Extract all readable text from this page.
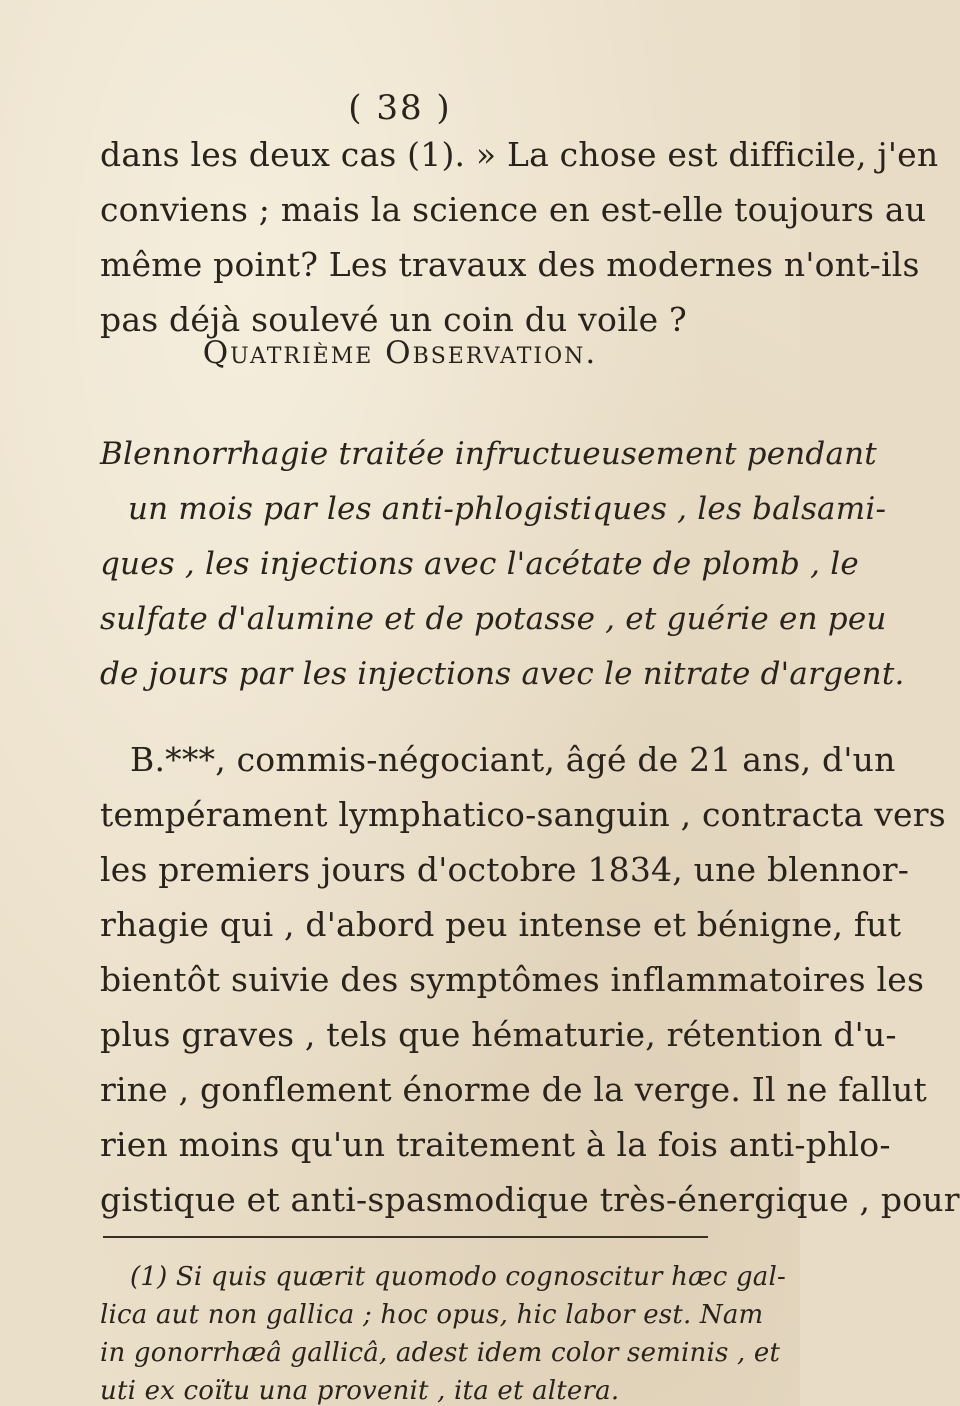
( 38 )
dans les deux cas (1). » La chose est difficile, j'en
conviens ; mais la science en est-elle toujours au
même point? Les travaux des modernes n'ont-ils
pas déjà soulevé un coin du voile ?
Quatrième Observation.
Blennorrhagie traitée infructueusement pendant
un mois par les anti-phlogistiques , les balsami-
ques , les injections avec l'acétate de plomb , le
sulfate d'alumine et de potasse , et guérie en peu
de jours par les injections avec le nitrate d'argent.
B.***, commis-négociant, âgé de 21 ans, d'un
tempérament lymphatico-sanguin , contracta vers
les premiers jours d'octobre 1834, une blennor-
rhagie qui , d'abord peu intense et bénigne, fut
bientôt suivie des symptômes inflammatoires les
plus graves , tels que hématurie, rétention d'u-
rine , gonflement énorme de la verge. Il ne fallut
rien moins qu'un traitement à la fois anti-phlo-
gistique et anti-spasmodique très-énergique , pour
(1) Si quis quærit quomodo cognoscitur hæc gal-
lica aut non gallica ; hoc opus, hic labor est. Nam
in gonorrhæâ gallicâ, adest idem color seminis , et
uti ex coïtu una provenit , ita et altera.
